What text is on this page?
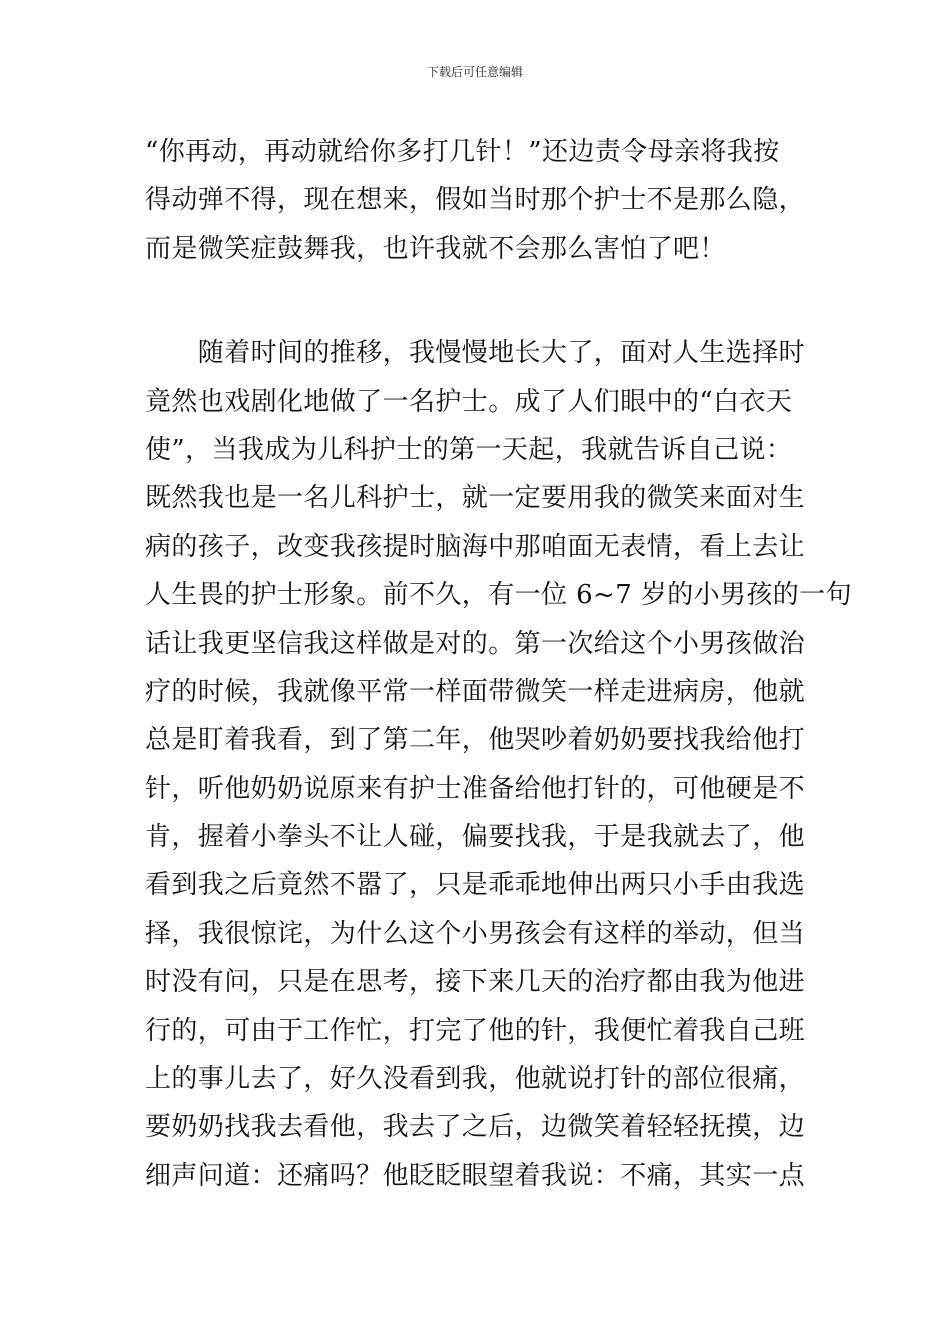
下载后可任意编辑
“你再动，再动就给你多打几针！”还边责令母亲将我按
得动弹不得，现在想来，假如当时那个护士不是那么隐，
而是微笑症鼓舞我，也许我就不会那么害怕了吧！
　　随着时间的推移，我慢慢地长大了，面对人生选择时
竟然也戏剧化地做了一名护士。成了人们眼中的“白衣天
使”，当我成为儿科护士的第一天起，我就告诉自己说：
既然我也是一名儿科护士，就一定要用我的微笑来面对生
病的孩子，改变我孩提时脑海中那咱面无表情，看上去让
人生畏的护士形象。前不久，有一位 6~7 岁的小男孩的一句
话让我更坚信我这样做是对的。第一次给这个小男孩做治
疗的时候，我就像平常一样面带微笑一样走进病房，他就
总是盯着我看，到了第二年，他哭吵着奶奶要找我给他打
针，听他奶奶说原来有护士准备给他打针的，可他硬是不
肯，握着小拳头不让人碰，偏要找我，于是我就去了，他
看到我之后竟然不嚣了，只是乖乖地伸出两只小手由我选
择，我很惊诧，为什么这个小男孩会有这样的举动，但当
时没有问，只是在思考，接下来几天的治疗都由我为他进
行的，可由于工作忙，打完了他的针，我便忙着我自己班
上的事儿去了，好久没看到我，他就说打针的部位很痛，
要奶奶找我去看他，我去了之后，边微笑着轻轻抚摸，边
细声问道：还痛吗？他眨眨眼望着我说：不痛，其实一点
